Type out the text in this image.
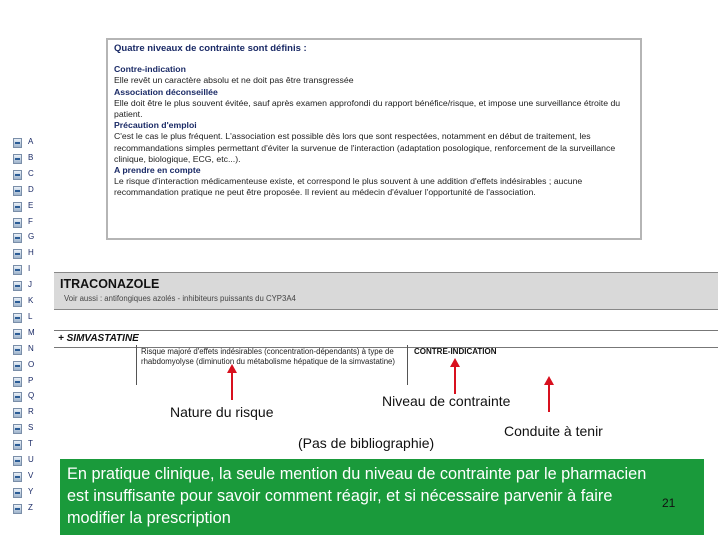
A
B
C
D
E
F
G
H
I
J
K
L
M
N
O
P
Q
R
S
T
U
V
Y
Z
Quatre niveaux de contrainte sont définis :
Contre-indication
Elle revêt un caractère absolu et ne doit pas être transgressée
Association déconseillée
Elle doit être le plus souvent évitée, sauf après examen approfondi du rapport bénéfice/risque, et impose une surveillance étroite du patient.
Précaution d'emploi
C'est le cas le plus fréquent. L'association est possible dès lors que sont respectées, notamment en début de traitement, les recommandations simples permettant d'éviter la survenue de l'interaction (adaptation posologique, renforcement de la surveillance clinique, biologique, ECG, etc...).
A prendre en compte
Le risque d'interaction médicamenteuse existe, et correspond le plus souvent à une addition d'effets indésirables ; aucune recommandation pratique ne peut être proposée. Il revient au médecin d'évaluer l'opportunité de l'association.
ITRACONAZOLE
Voir aussi : antifongiques azolés - inhibiteurs puissants du CYP3A4
+ SIMVASTATINE
Risque majoré d'effets indésirables (concentration-dépendants) à type de rhabdomyolyse (diminution du métabolisme hépatique de la simvastatine)
CONTRE-INDICATION
Nature du risque
Niveau de contrainte
Conduite à tenir
(Pas de bibliographie)
En pratique clinique, la seule mention du niveau de contrainte par le pharmacien est insuffisante pour savoir comment réagir, et si nécessaire parvenir à faire modifier la prescription
21
